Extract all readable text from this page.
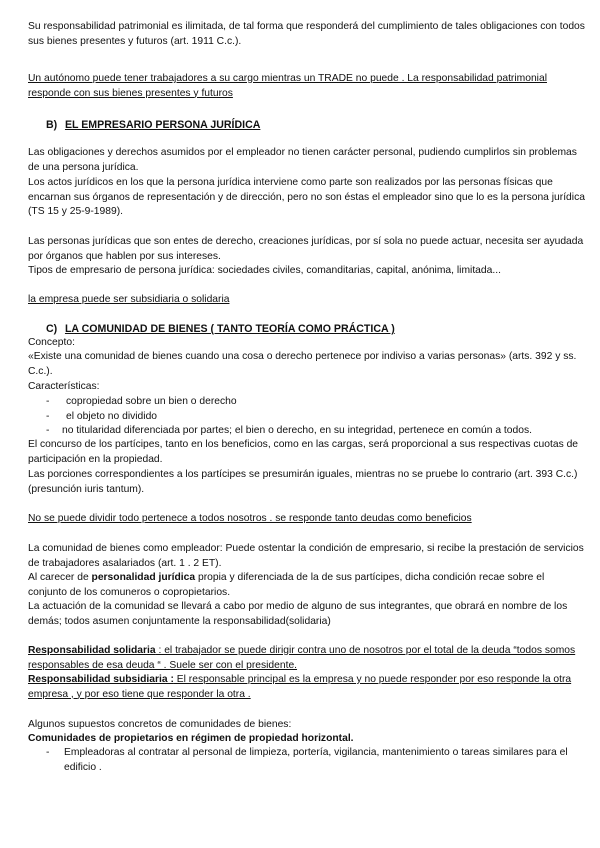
Su responsabilidad patrimonial es ilimitada, de tal forma que responderá del cumplimiento de tales obligaciones con todos sus bienes presentes y futuros (art. 1911 C.c.).

Un autónomo puede tener trabajadores a su cargo mientras un TRADE no puede . La responsabilidad patrimonial responde con sus bienes presentes y futuros

B) EL EMPRESARIO PERSONA JURÍDICA

Las obligaciones y derechos asumidos por el empleador no tienen carácter personal, pudiendo cumplirlos sin problemas de una persona jurídica.

Los actos jurídicos en los que la persona jurídica interviene como parte son realizados por las personas físicas que encarnan sus órganos de representación y de dirección, pero no son éstas el empleador sino que lo es la persona jurídica (TS 15 y 25-9-1989).

Las personas jurídicas que son entes de derecho, creaciones jurídicas, por sí sola no puede actuar, necesita ser ayudada por órganos que hablen por sus intereses.

Tipos de empresario de persona jurídica: sociedades civiles, comanditarias, capital, anónima, limitada...

la empresa puede ser subsidiaria o solidaria

C) LA COMUNIDAD DE BIENES ( TANTO TEORÍA COMO PRÁCTICA )

Concepto:

«Existe una comunidad de bienes cuando una cosa o derecho pertenece por indiviso a varias personas» (arts. 392 y ss. C.c.).

Características:

- copropiedad sobre un bien o derecho

- el objeto no dividido

- no titularidad diferenciada por partes; el bien o derecho, en su integridad, pertenece en común a todos.

El concurso de los partícipes, tanto en los beneficios, como en las cargas, será proporcional a sus respectivas cuotas de participación en la propiedad.

Las porciones correspondientes a los partícipes se presumirán iguales, mientras no se pruebe lo contrario (art. 393 C.c.) (presunción iuris tantum).

No se puede dividir todo pertenece a todos nosotros . se responde tanto deudas como beneficios

La comunidad de bienes como empleador: Puede ostentar la condición de empresario, si recibe la prestación de servicios de trabajadores asalariados (art. 1 . 2 ET).

Al carecer de personalidad jurídica propia y diferenciada de la de sus partícipes, dicha condición recae sobre el conjunto de los comuneros o copropietarios.

La actuación de la comunidad se llevará a cabo por medio de alguno de sus integrantes, que obrará en nombre de los demás; todos asumen conjuntamente la responsabilidad(solidaria)

Responsabilidad solidaria : el trabajador se puede dirigir contra uno de nosotros por el total de la deuda “todos somos responsables de esa deuda “ . Suele ser con el presidente.

Responsabilidad subsidiaria : El responsable principal es la empresa y no puede responder por eso responde la otra empresa , y por eso tiene que responder la otra .

Algunos supuestos concretos de comunidades de bienes:

Comunidades de propietarios en régimen de propiedad horizontal.

- Empleadoras al contratar al personal de limpieza, portería, vigilancia, mantenimiento o tareas similares para el edificio .
